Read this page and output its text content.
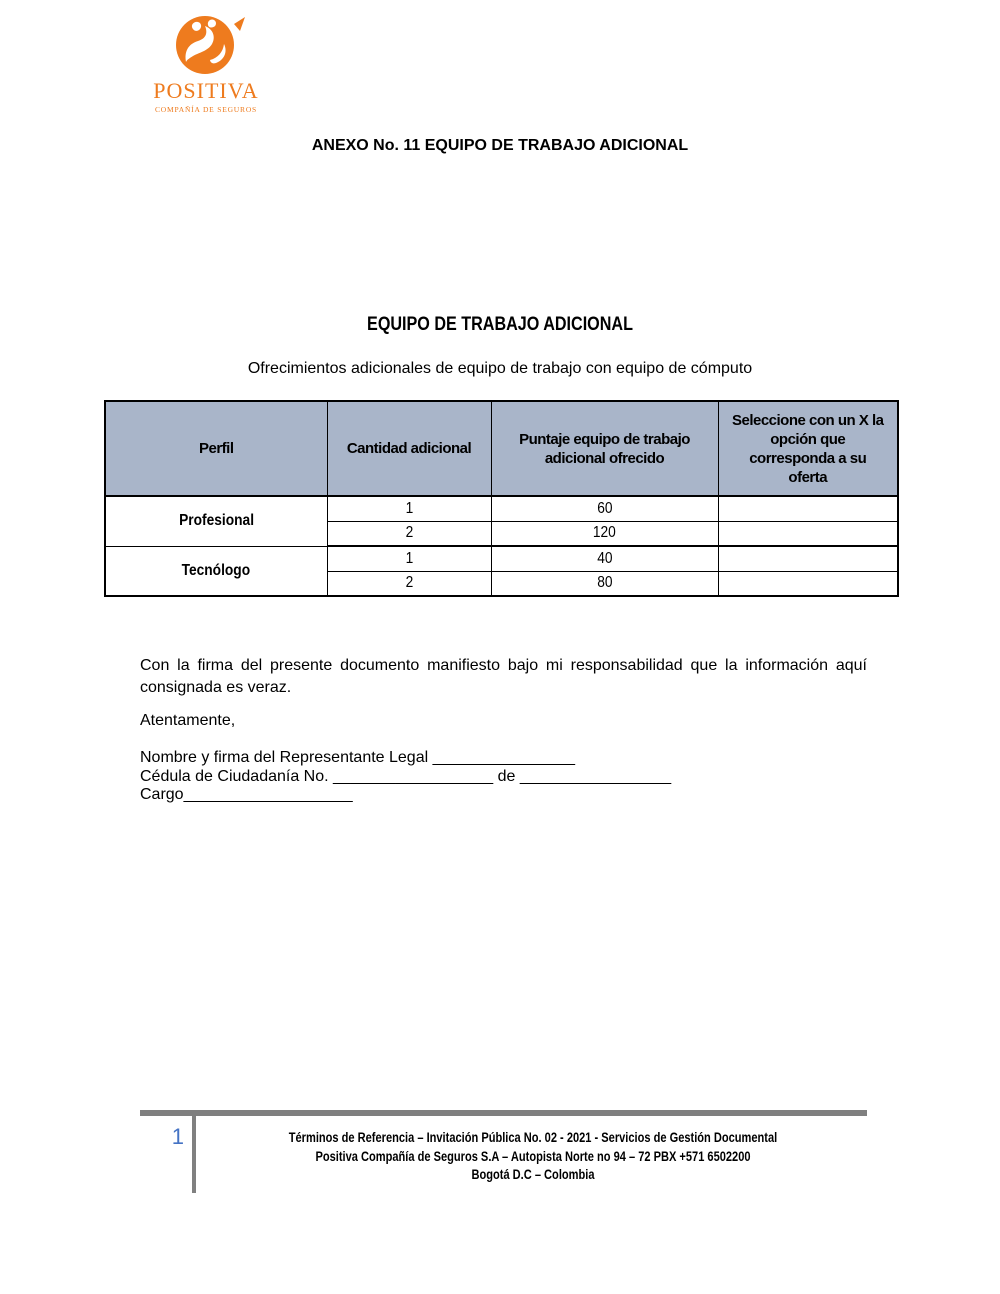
POSITIVA
COMPAÑÍA DE SEGUROS
ANEXO No. 11 EQUIPO DE TRABAJO ADICIONAL
EQUIPO DE TRABAJO ADICIONAL
Ofrecimientos adicionales de equipo de trabajo con equipo de cómputo
Perfil	Cantidad adicional	Puntaje equipo de trabajo adicional ofrecido	Seleccione con un X la opción que corresponda a su oferta
Profesional	1	60	
	2	120	
Tecnólogo	1	40	
	2	80	
Con la firma del presente documento manifiesto bajo mi responsabilidad que la información aquí consignada es veraz.
Atentamente,
Nombre y firma del Representante Legal ________________
Cédula de Ciudadanía No. __________________ de _________________
Cargo___________________
1	Términos de Referencia – Invitación Pública No. 02 - 2021 - Servicios de Gestión Documental
Positiva Compañía de Seguros S.A – Autopista Norte no 94 – 72 PBX +571 6502200
Bogotá D.C – Colombia
